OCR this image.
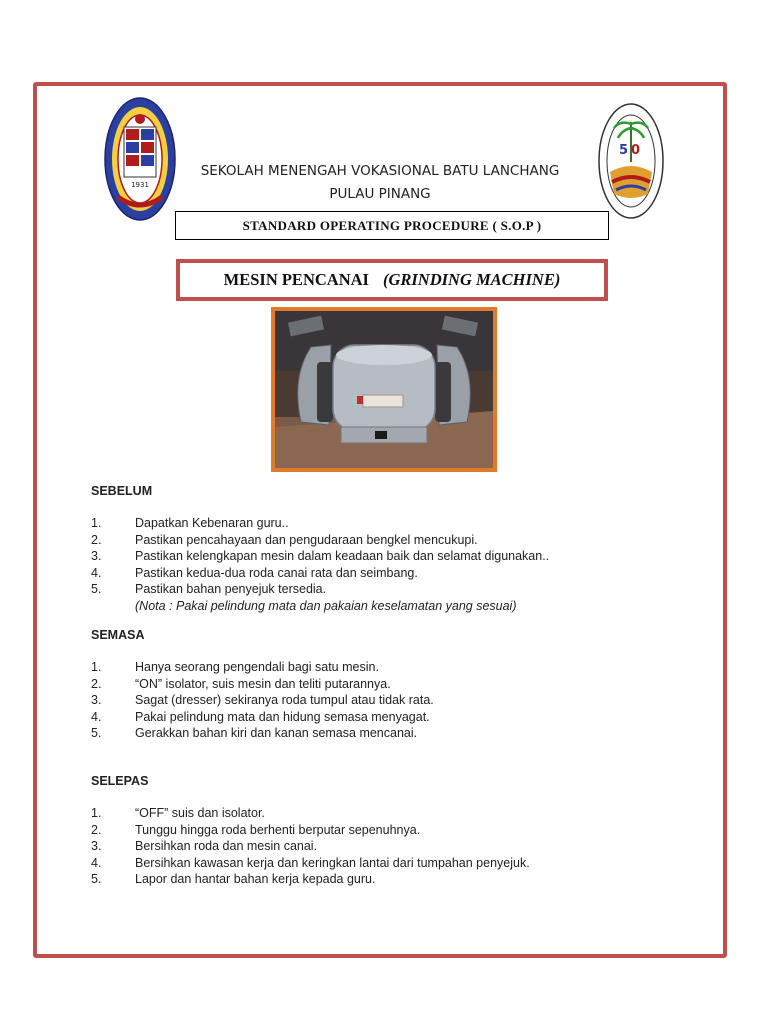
1931
5 0
SEKOLAH MENENGAH VOKASIONAL BATU LANCHANG
PULAU PINANG
STANDARD OPERATING PROCEDURE ( S.O.P )
MESIN PENCANAI (GRINDING MACHINE)
SEBELUM
1.	Dapatkan Kebenaran guru..
2.	Pastikan pencahayaan dan pengudaraan bengkel mencukupi.
3.	Pastikan kelengkapan mesin dalam keadaan baik dan selamat digunakan..
4.	Pastikan kedua-dua roda canai rata dan seimbang.
5.	Pastikan bahan penyejuk tersedia.
(Nota : Pakai pelindung mata dan pakaian keselamatan yang sesuai)
SEMASA
1.	Hanya seorang pengendali bagi satu mesin.
2.	“ON” isolator, suis mesin dan teliti putarannya.
3.	Sagat (dresser) sekiranya roda tumpul atau tidak rata.
4.	Pakai pelindung mata dan hidung semasa menyagat.
5.	Gerakkan bahan kiri dan kanan semasa mencanai.
SELEPAS
1.	“OFF” suis dan isolator.
2.	Tunggu hingga roda berhenti berputar sepenuhnya.
3.	Bersihkan roda dan mesin canai.
4.	Bersihkan kawasan kerja dan keringkan lantai dari tumpahan penyejuk.
5.	Lapor dan hantar bahan kerja kepada guru.
